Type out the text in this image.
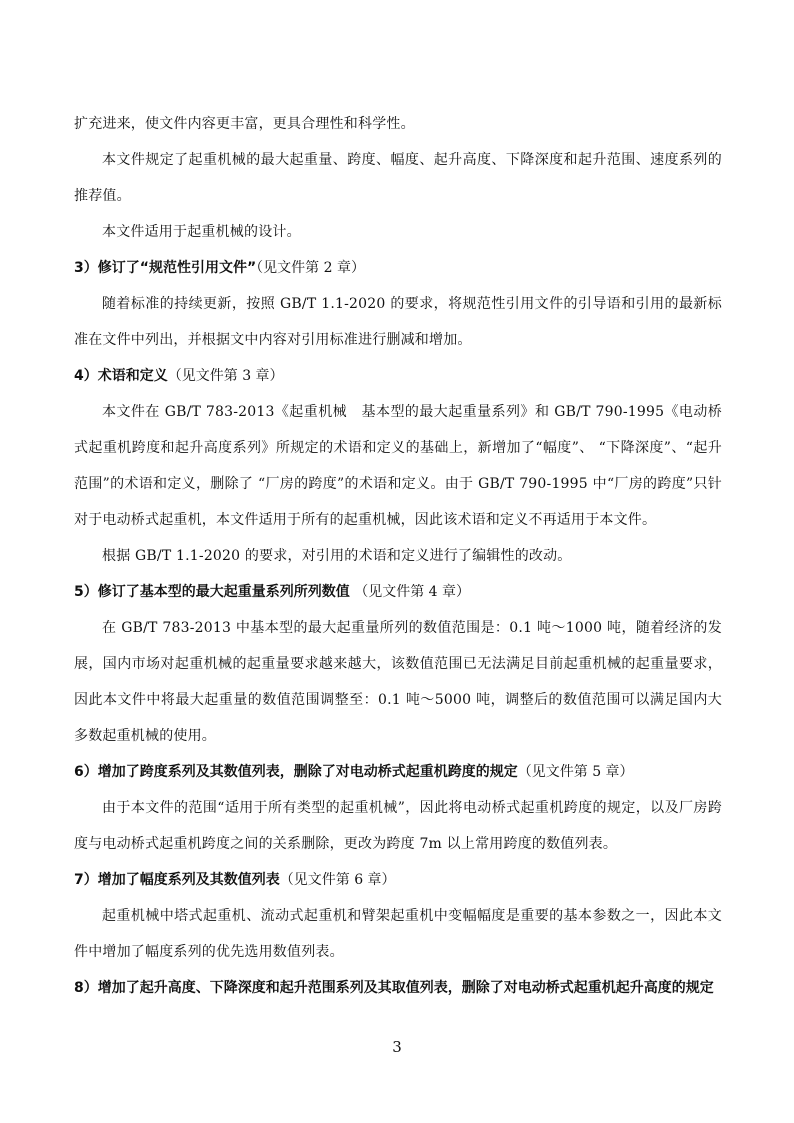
扩充进来，使文件内容更丰富，更具合理性和科学性。

本文件规定了起重机械的最大起重量、跨度、幅度、起升高度、下降深度和起升范围、速度系列的推荐值。

本文件适用于起重机械的设计。

3）修订了“规范性引用文件”（见文件第 2 章）

随着标准的持续更新，按照 GB/T 1.1-2020 的要求，将规范性引用文件的引导语和引用的最新标准在文件中列出，并根据文中内容对引用标准进行删减和增加。

4）术语和定义（见文件第 3 章）

本文件在 GB/T 783-2013《起重机械　基本型的最大起重量系列》和 GB/T 790-1995《电动桥式起重机跨度和起升高度系列》所规定的术语和定义的基础上，新增加了“幅度”、 “下降深度”、“起升范围”的术语和定义，删除了 “厂房的跨度”的术语和定义。由于 GB/T 790-1995 中“厂房的跨度”只针对于电动桥式起重机，本文件适用于所有的起重机械，因此该术语和定义不再适用于本文件。

根据 GB/T 1.1-2020 的要求，对引用的术语和定义进行了编辑性的改动。

5）修订了基本型的最大起重量系列所列数值 （见文件第 4 章）

在 GB/T 783-2013 中基本型的最大起重量所列的数值范围是：0.1 吨～1000 吨，随着经济的发展，国内市场对起重机械的起重量要求越来越大，该数值范围已无法满足目前起重机械的起重量要求，因此本文件中将最大起重量的数值范围调整至：0.1 吨～5000 吨，调整后的数值范围可以满足国内大多数起重机械的使用。

6）增加了跨度系列及其数值列表，删除了对电动桥式起重机跨度的规定（见文件第 5 章）

由于本文件的范围“适用于所有类型的起重机械”，因此将电动桥式起重机跨度的规定，以及厂房跨度与电动桥式起重机跨度之间的关系删除，更改为跨度 7m 以上常用跨度的数值列表。

7）增加了幅度系列及其数值列表（见文件第 6 章）

起重机械中塔式起重机、流动式起重机和臂架起重机中变幅幅度是重要的基本参数之一，因此本文件中增加了幅度系列的优先选用数值列表。

8）增加了起升高度、下降深度和起升范围系列及其取值列表，删除了对电动桥式起重机起升高度的规定

3
